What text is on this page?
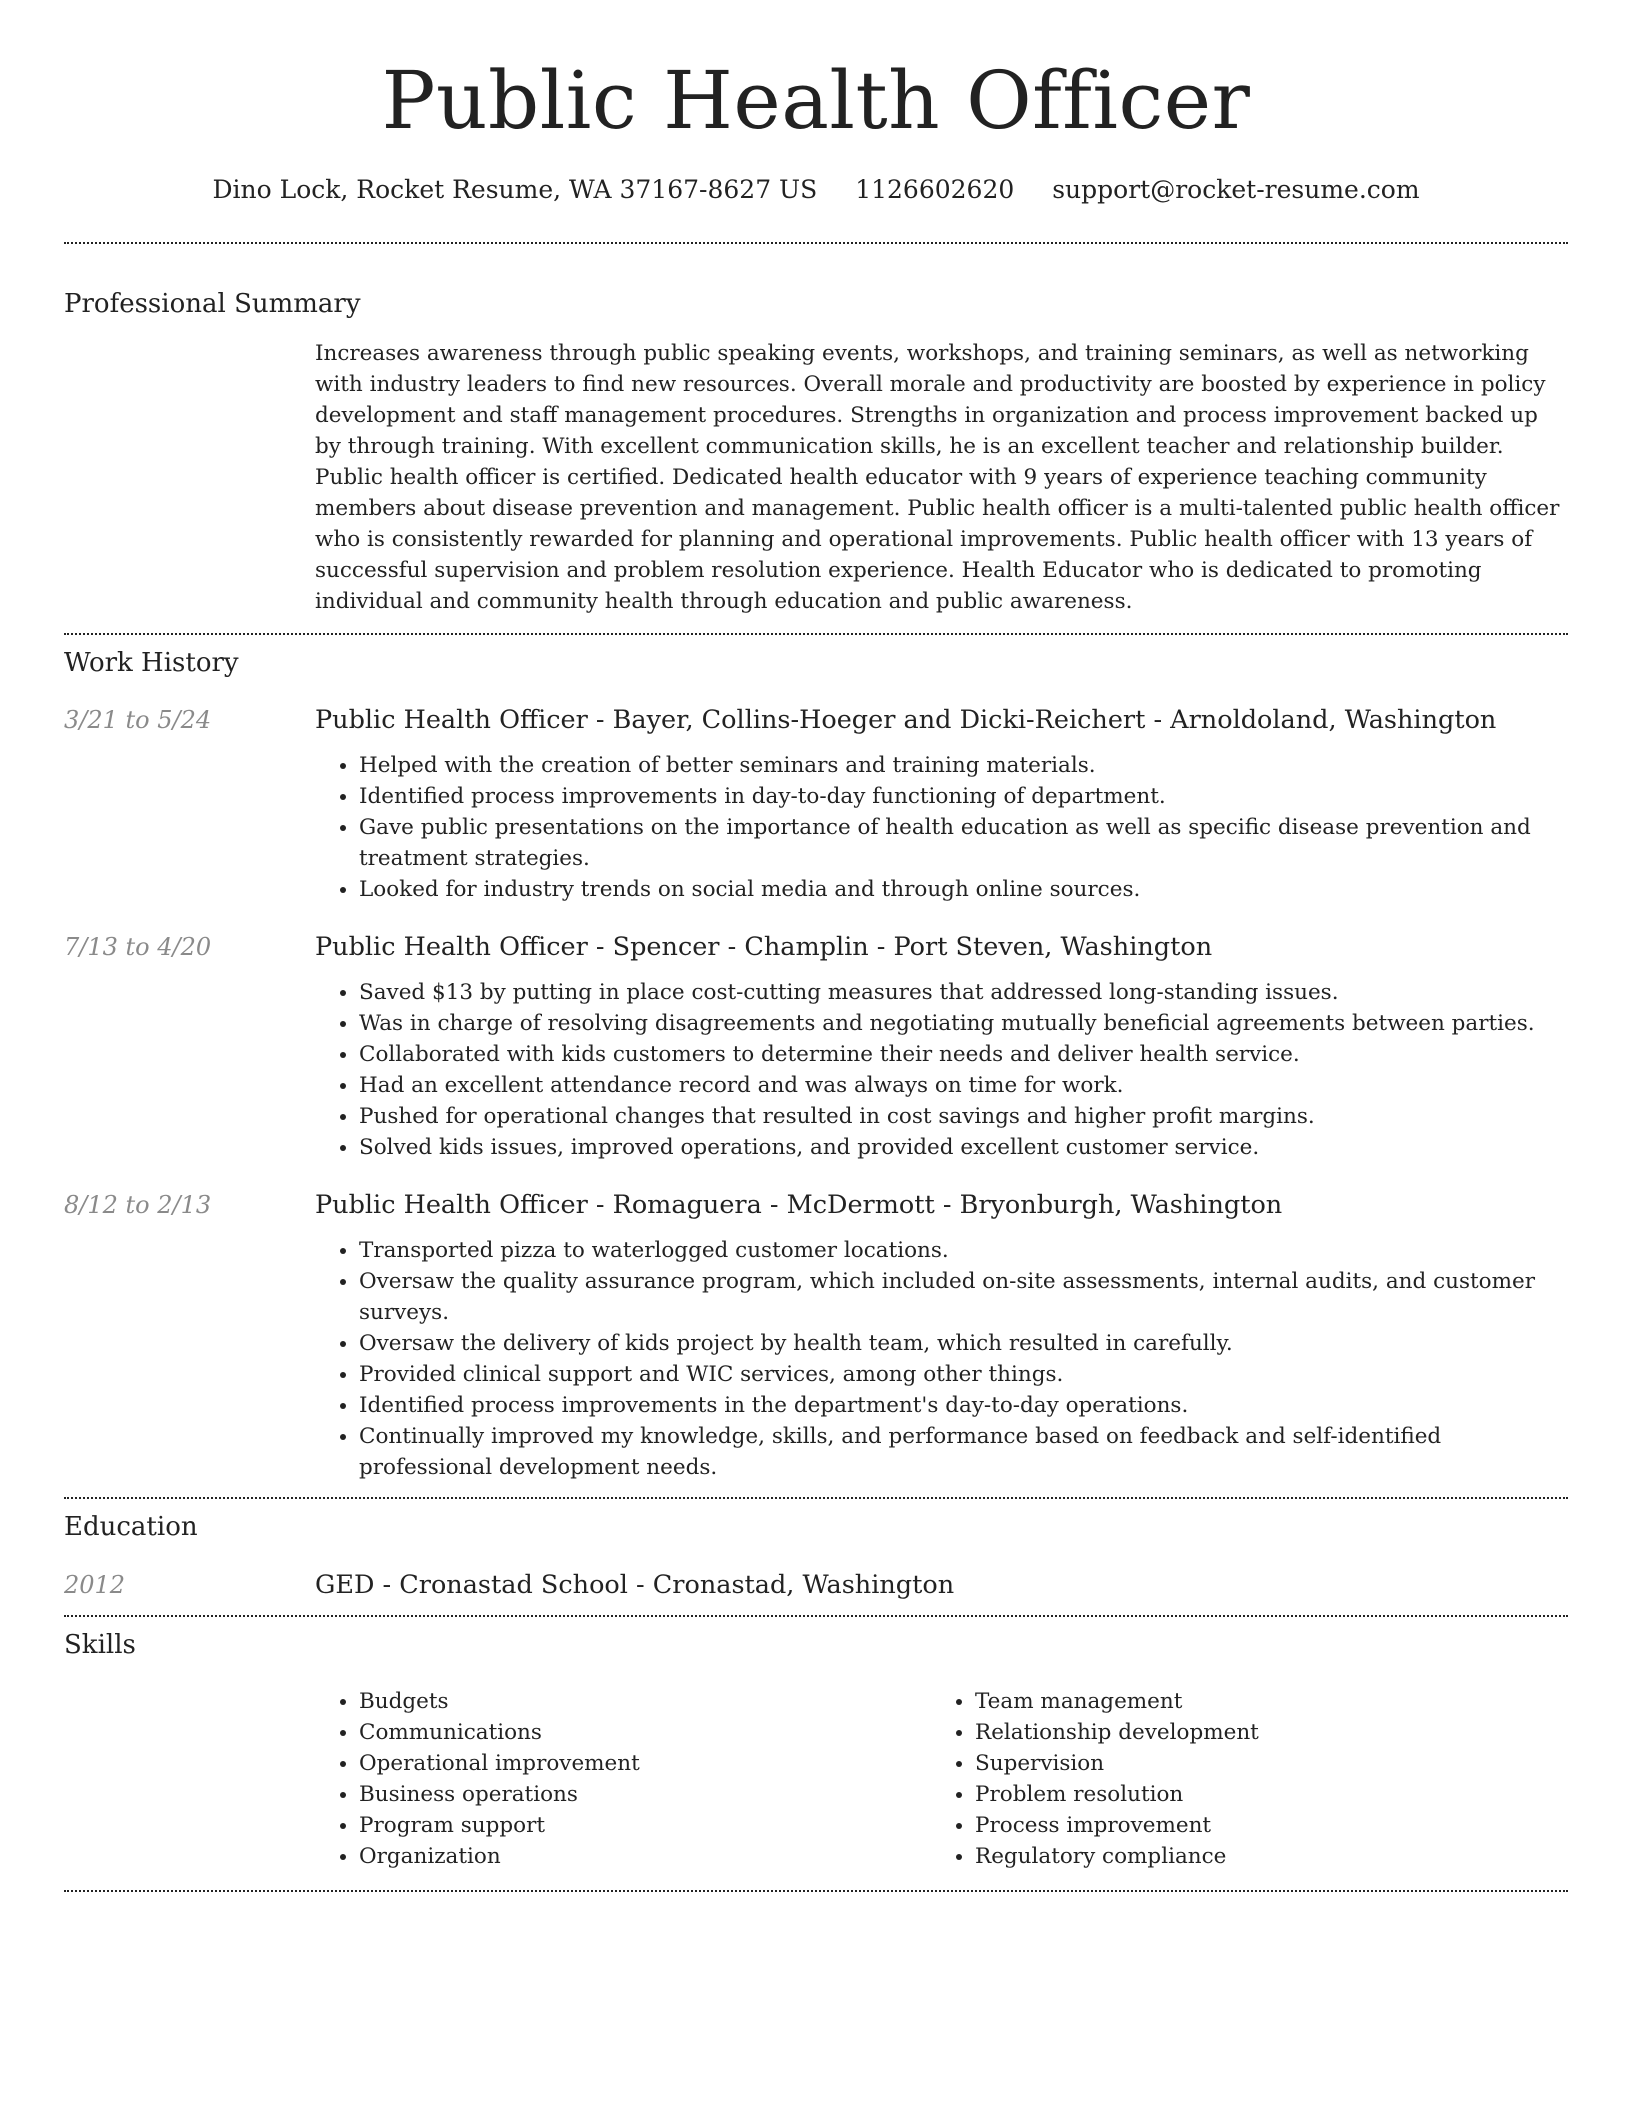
Public Health Officer
Dino Lock, Rocket Resume, WA 37167-8627 US 1126602620 support@rocket-resume.com
Professional Summary

Increases awareness through public speaking events, workshops, and training seminars, as well as networking with industry leaders to find new resources. Overall morale and productivity are boosted by experience in policy development and staff management procedures. Strengths in organization and process improvement backed up by through training. With excellent communication skills, he is an excellent teacher and relationship builder. Public health officer is certified. Dedicated health educator with 9 years of experience teaching community members about disease prevention and management. Public health officer is a multi-talented public health officer who is consistently rewarded for planning and operational improvements. Public health officer with 13 years of successful supervision and problem resolution experience. Health Educator who is dedicated to promoting individual and community health through education and public awareness.

Work History
3/21 to 5/24	Public Health Officer - Bayer, Collins-Hoeger and Dicki-Reichert - Arnoldoland, Washington
• Helped with the creation of better seminars and training materials.
• Identified process improvements in day-to-day functioning of department.
• Gave public presentations on the importance of health education as well as specific disease prevention and treatment strategies.
• Looked for industry trends on social media and through online sources.
7/13 to 4/20	Public Health Officer - Spencer - Champlin - Port Steven, Washington
• Saved $13 by putting in place cost-cutting measures that addressed long-standing issues.
• Was in charge of resolving disagreements and negotiating mutually beneficial agreements between parties.
• Collaborated with kids customers to determine their needs and deliver health service.
• Had an excellent attendance record and was always on time for work.
• Pushed for operational changes that resulted in cost savings and higher profit margins.
• Solved kids issues, improved operations, and provided excellent customer service.
8/12 to 2/13	Public Health Officer - Romaguera - McDermott - Bryonburgh, Washington
• Transported pizza to waterlogged customer locations.
• Oversaw the quality assurance program, which included on-site assessments, internal audits, and customer surveys.
• Oversaw the delivery of kids project by health team, which resulted in carefully.
• Provided clinical support and WIC services, among other things.
• Identified process improvements in the department's day-to-day operations.
• Continually improved my knowledge, skills, and performance based on feedback and self-identified professional development needs.
Education
2012	GED - Cronastad School - Cronastad, Washington
Skills
• Budgets
• Communications
• Operational improvement
• Business operations
• Program support
• Organization
• Team management
• Relationship development
• Supervision
• Problem resolution
• Process improvement
• Regulatory compliance
